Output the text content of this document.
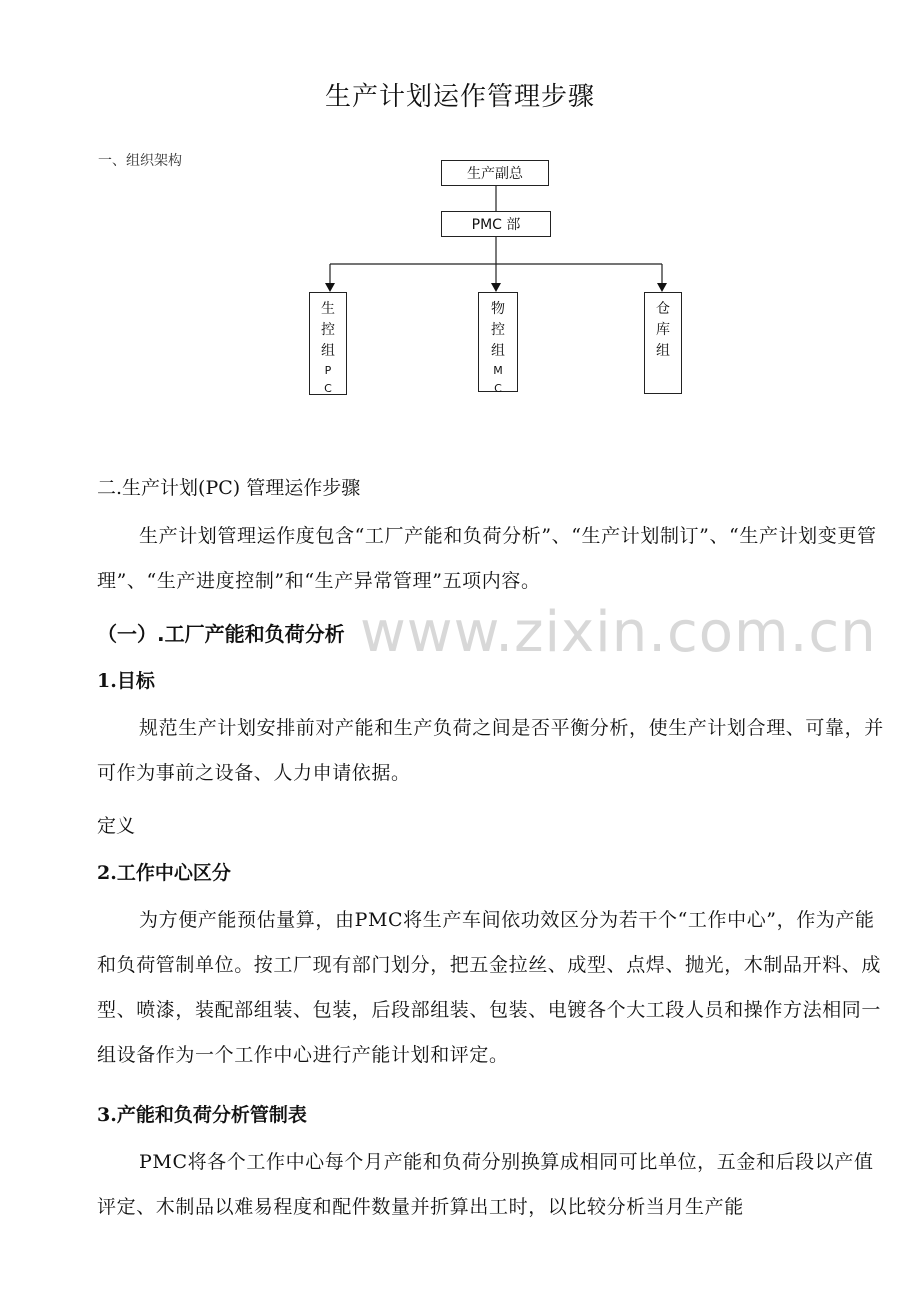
生产计划运作管理步骤
一、组织架构
生产副总
PMC 部
生
控
组
P
C
物
控
组
M
C
仓
库
组
二.生产计划(PC) 管理运作步骤
生产计划管理运作度包含“工厂产能和负荷分析”、“生产计划制订”、“生产计划变更管理”、“生产进度控制”和“生产异常管理”五项内容。
www.zixin.com.cn
（一）.工厂产能和负荷分析
1.目标
规范生产计划安排前对产能和生产负荷之间是否平衡分析，使生产计划合理、可靠，并可作为事前之设备、人力申请依据。
定义
2.工作中心区分
为方便产能预估量算，由PMC将生产车间依功效区分为若干个“工作中心”，作为产能和负荷管制单位。按工厂现有部门划分，把五金拉丝、成型、点焊、抛光，木制品开料、成型、喷漆，装配部组装、包装，后段部组装、包装、电镀各个大工段人员和操作方法相同一组设备作为一个工作中心进行产能计划和评定。
3.产能和负荷分析管制表
PMC将各个工作中心每个月产能和负荷分别换算成相同可比单位，五金和后段以产值评定、木制品以难易程度和配件数量并折算出工时，以比较分析当月生产能
